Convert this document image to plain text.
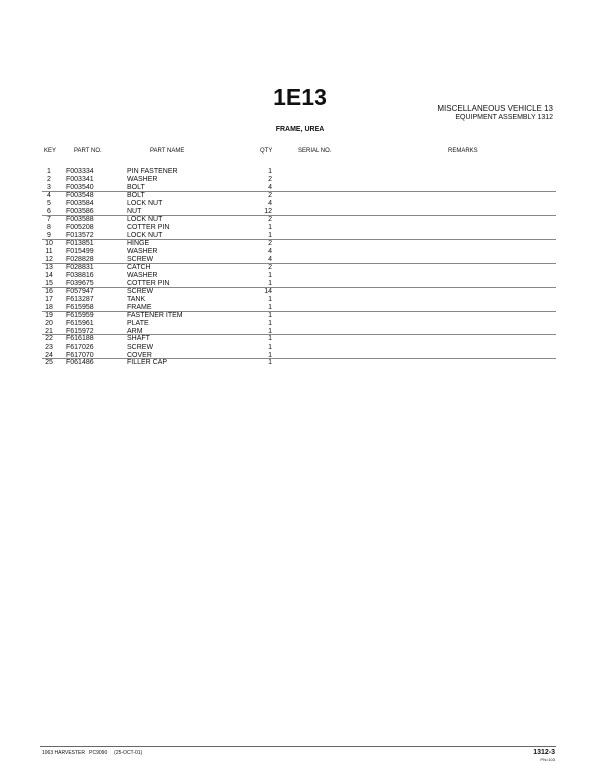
1E13	MISCELLANEOUS VEHICLE 13
EQUIPMENT ASSEMBLY 1312
FRAME, UREA
KEY	PART NO.	PART NAME	QTY	SERIAL NO.	REMARKS
1	F003334	PIN FASTENER	1
2	F003341	WASHER	2
3	F003540	BOLT	4
4	F003548	BOLT	2
5	F003584	LOCK NUT	4
6	F003586	NUT	12
7	F003588	LOCK NUT	2
8	F005208	COTTER PIN	1
9	F013572	LOCK NUT	1
10	F013851	HINGE	2
11	F015499	WASHER	4
12	F028828	SCREW	4
13	F028831	CATCH	2
14	F038816	WASHER	1
15	F039675	COTTER PIN	1
16	F057947	SCREW	14
17	F613287	TANK	1
18	F615958	FRAME	1
19	F615959	FASTENER ITEM	1
20	F615961	PLATE	1
21	F615972	ARM	1
22	F616188	SHAFT	1
23	F617026	SCREW	1
24	F617070	COVER	1
25	F061486	FILLER CAP	1
1063 HARVESTER   PC9090     (25-OCT-01)	1312-3
PN=103
